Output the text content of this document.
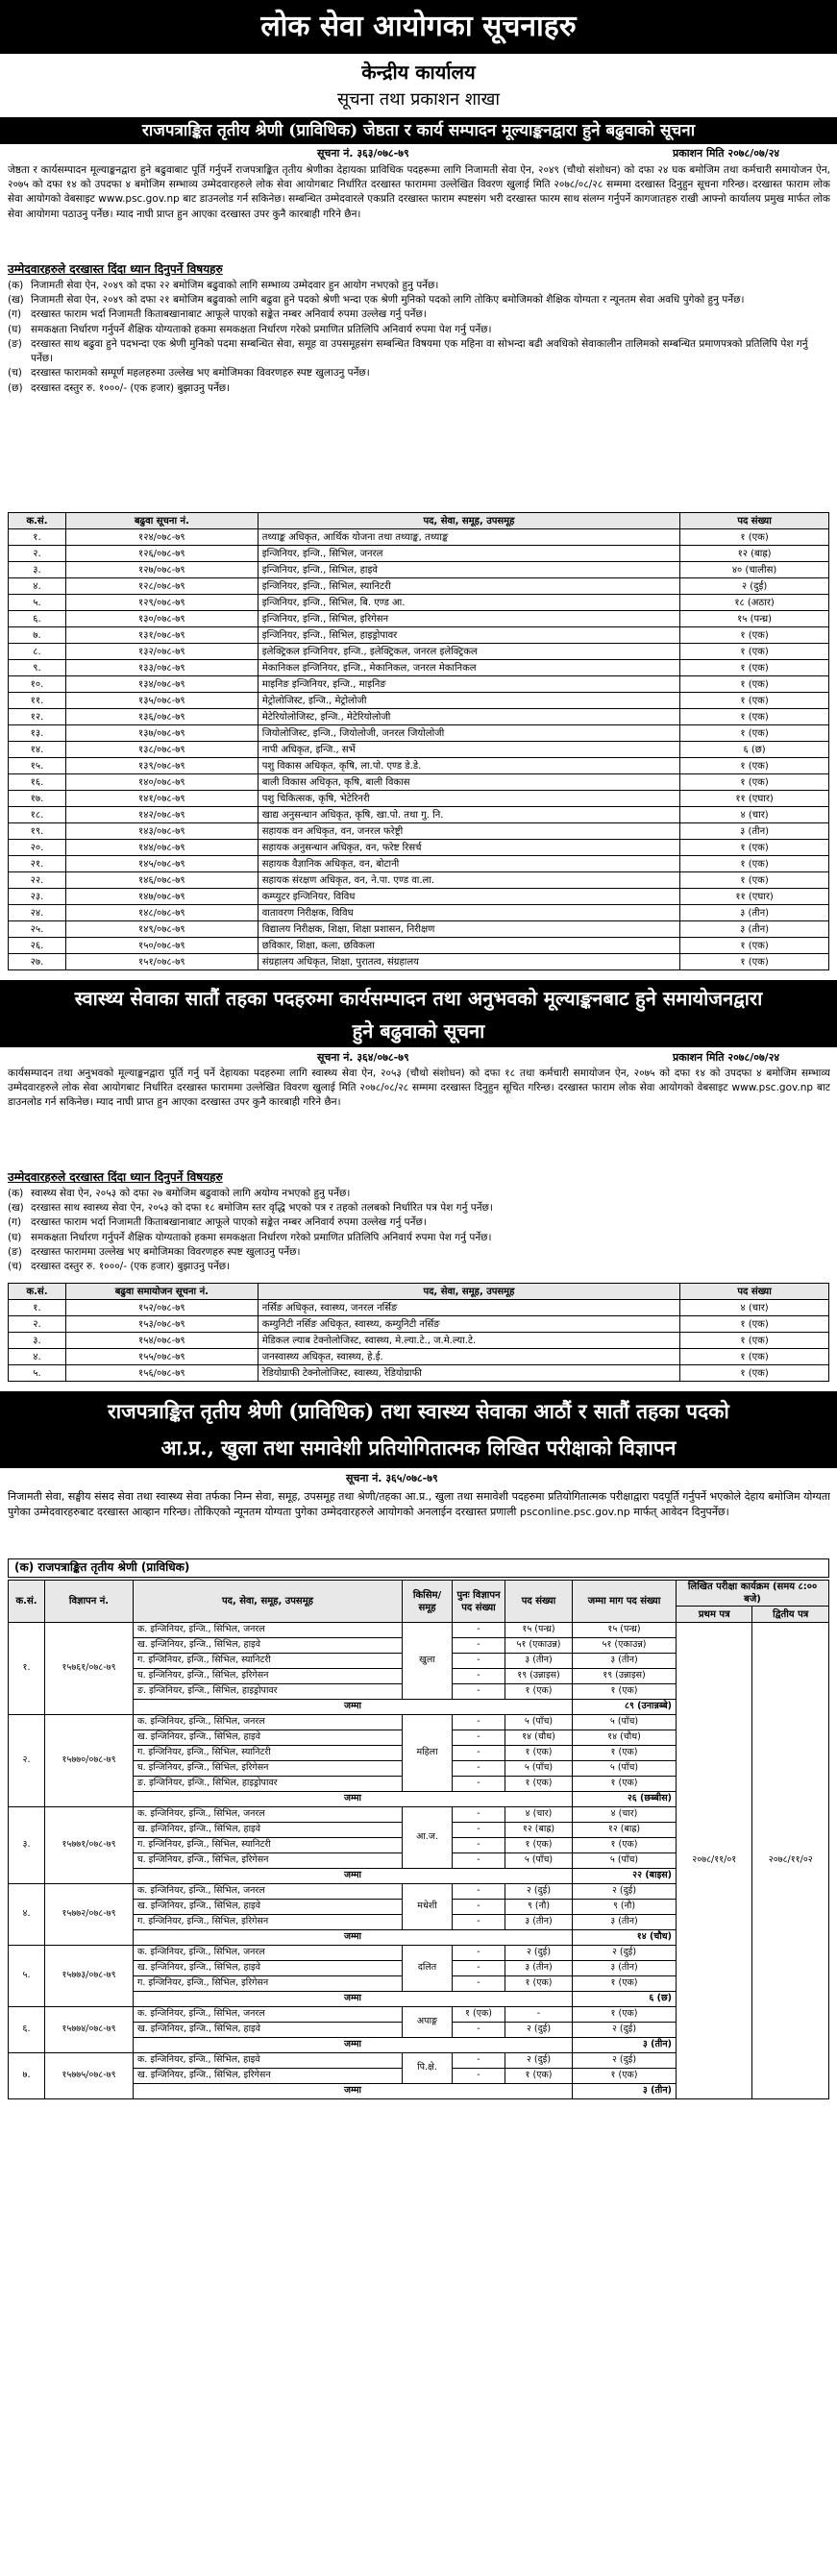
लोक सेवा आयोगका सूचनाहरु
केन्द्रीय कार्यालय
सूचना तथा प्रकाशन शाखा
राजपत्राङ्कित तृतीय श्रेणी (प्राविधिक) जेष्ठता र कार्य सम्पादन मूल्याङ्कनद्वारा हुने बढुवाको सूचना
सूचना नं. ३६३/०७८-७९	प्रकाशन मिति २०७८/०७/२४
जेष्ठता र कार्यसम्पादन मूल्याङ्कनद्वारा हुने बढुवाबाट पूर्ति गर्नुपर्ने राजपत्राङ्कित तृतीय श्रेणीका देहायका प्राविधिक पदहरूमा लागि निजामती सेवा ऐन, २०४९ (चौथो संशोधन) को दफा २४ घक बमोजिम तथा कर्मचारी समायोजन ऐन, २०७५ को दफा १४ को उपदफा ४ बमोजिम सम्भाव्य उम्मेदवारहरुले लोक सेवा आयोगबाट निर्धारित दरखास्त फाराममा उल्लेखित विवरण खुलाई मिति २०७८/०८/२८ सम्ममा दरखास्त दिनुहुन सूचना गरिन्छ। दरखास्त फाराम लोक सेवा आयोगको वेबसाइट www.psc.gov.np बाट डाउनलोड गर्न सकिनेछ। सम्बन्धित उम्मेदवारले एकप्रति दरखास्त फाराम स्पष्टसंग भरी दरखास्त फारम साथ संलग्न गर्नुपर्ने कागजातहरु राखी आफ्नो कार्यालय प्रमुख मार्फत लोक सेवा आयोगमा पठाउनु पर्नेछ। म्याद नाघी प्राप्त हुन आएका दरखास्त उपर कुनै कारबाही गरिने छैन।
उम्मेदवारहरुले दरखास्त दिंदा ध्यान दिनुपर्ने विषयहरु
(क) निजामती सेवा ऐन, २०४९ को दफा २२ बमोजिम बढुवाको लागि सम्भाव्य उम्मेदवार हुन आयोग नभएको हुनु पर्नेछ।
(ख) निजामती सेवा ऐन, २०४९ को दफा २१ बमोजिम बढुवाको लागि बढुवा हुने पदको श्रेणी भन्दा एक श्रेणी मुनिको पदको लागि तोकिए बमोजिमको शैक्षिक योग्यता र न्यूनतम सेवा अवधि पुगेको हुनु पर्नेछ।
(ग) दरखास्त फाराम भर्दा निजामती किताबखानाबाट आफूले पाएको सङ्केत नम्बर अनिवार्य रुपमा उल्लेख गर्नु पर्नेछ।
(घ) समकक्षता निर्धारण गर्नुपर्ने शैक्षिक योग्यताको हकमा समकक्षता निर्धारण गरेको प्रमाणित प्रतिलिपि अनिवार्य रुपमा पेश गर्नु पर्नेछ।
(ङ) दरखास्त साथ बढुवा हुने पदभन्दा एक श्रेणी मुनिको पदमा सम्बन्धित सेवा, समूह वा उपसमूहसंग सम्बन्धित विषयमा एक महिना वा सोभन्दा बढी अवधिको सेवाकालीन तालिमको सम्बन्धित प्रमाणपत्रको प्रतिलिपि पेश गर्नु पर्नेछ।
(च) दरखास्त फारामको सम्पूर्ण महलहरुमा उल्लेख भए बमोजिमका विवरणहरु स्पष्ट खुलाउनु पर्नेछ।
(छ) दरखास्त दस्तुर रु. १०००/- (एक हजार) बुझाउनु पर्नेछ।
क.सं.	बढुवा सूचना नं.	पद, सेवा, समूह, उपसमूह	पद संख्या
१.	१२४/०७८-७९	तथ्याङ्क अधिकृत, आर्थिक योजना तथा तथ्याङ्क, तथ्याङ्क	१ (एक)
२.	१२६/०७८-७९	इन्जिनियर, इन्जि., सिभिल, जनरल	१२ (बाह्र)
३.	१२७/०७८-७९	इन्जिनियर, इन्जि., सिभिल, हाइवे	४० (चालीस)
४.	१२८/०७८-७९	इन्जिनियर, इन्जि., सिभिल, स्यानिटरी	२ (दुई)
५.	१२९/०७८-७९	इन्जिनियर, इन्जि., सिभिल, बि. एण्ड आ.	१८ (अठार)
६.	१३०/०७८-७९	इन्जिनियर, इन्जि., सिभिल, इरिगेसन	१५ (पन्ध्र)
७.	१३१/०७८-७९	इन्जिनियर, इन्जि., सिभिल, हाइड्रोपावर	१ (एक)
८.	१३२/०७८-७९	इलेक्ट्रिकल इन्जिनियर, इन्जि., इलेक्ट्रिकल, जनरल इलेक्ट्रिकल	१ (एक)
९.	१३३/०७८-७९	मेकानिकल इन्जिनियर, इन्जि., मेकानिकल, जनरल मेकानिकल	१ (एक)
१०.	१३४/०७८-७९	माइनिङ इन्जिनियर, इन्जि., माइनिङ	१ (एक)
११.	१३५/०७८-७९	मेट्रोलोजिस्ट, इन्जि., मेट्रोलोजी	१ (एक)
१२.	१३६/०७८-७९	मेटेरियोलोजिस्ट, इन्जि., मेटेरियोलोजी	१ (एक)
१३.	१३७/०७८-७९	जियोलोजिस्ट, इन्जि., जियोलोजी, जनरल जियोलोजी	१ (एक)
१४.	१३८/०७८-७९	नापी अधिकृत, इन्जि., सर्भे	६ (छ)
१५.	१३९/०७८-७९	पशु विकास अधिकृत, कृषि, ला.पो. एण्ड डे.डे.	१ (एक)
१६.	१४०/०७८-७९	बाली विकास अधिकृत, कृषि, बाली विकास	१ (एक)
१७.	१४१/०७८-७९	पशु चिकित्सक, कृषि, भेटेरिनरी	११ (एघार)
१८.	१४२/०७८-७९	खाद्य अनुसन्धान अधिकृत, कृषि, खा.पो. तथा गु. नि.	४ (चार)
१९.	१४३/०७८-७९	सहायक वन अधिकृत, वन, जनरल फरेष्ट्री	३ (तीन)
२०.	१४४/०७८-७९	सहायक अनुसन्धान अधिकृत, वन, फरेष्ट रिसर्च	१ (एक)
२१.	१४५/०७८-७९	सहायक वैज्ञानिक अधिकृत, वन, बोटानी	१ (एक)
२२.	१४६/०७८-७९	सहायक संरक्षण अधिकृत, वन, ने.पा. एण्ड वा.ला.	१ (एक)
२३.	१४७/०७८-७९	कम्प्युटर इन्जिनियर, विविध	११ (एघार)
२४.	१४८/०७८-७९	वातावरण निरीक्षक, विविध	३ (तीन)
२५.	१४९/०७८-७९	विद्यालय निरीक्षक, शिक्षा, शिक्षा प्रशासन, निरीक्षण	३ (तीन)
२६.	१५०/०७८-७९	छविकार, शिक्षा, कला, छविकला	१ (एक)
२७.	१५१/०७८-७९	संग्रहालय अधिकृत, शिक्षा, पुरातत्व, संग्रहालय	१ (एक)
स्वास्थ्य सेवाका सातौं तहका पदहरुमा कार्यसम्पादन तथा अनुभवको मूल्याङ्कनबाट हुने समायोजनद्वारा
हुने बढुवाको सूचना
सूचना नं. ३६४/०७८-७९	प्रकाशन मिति २०७८/०७/२४
कार्यसम्पादन तथा अनुभवको मूल्याङ्कनद्वारा पूर्ति गर्नु पर्ने देहायका पदहरुमा लागि स्वास्थ्य सेवा ऐन, २०५३ (चौथो संशोधन) को दफा १८ तथा कर्मचारी समायोजन ऐन, २०७५ को दफा १४ को उपदफा ४ बमोजिम सम्भाव्य उम्मेदवारहरुले लोक सेवा आयोगबाट निर्धारित दरखास्त फाराममा उल्लेखित विवरण खुलाई मिति २०७८/०८/२८ सम्ममा दरखास्त दिनुहुन सूचित गरिन्छ। दरखास्त फाराम लोक सेवा आयोगको वेबसाइट www.psc.gov.np बाट डाउनलोड गर्न सकिनेछ। म्याद नाघी प्राप्त हुन आएका दरखास्त उपर कुनै कारबाही गरिने छैन।
उम्मेदवारहरुले दरखास्त दिंदा ध्यान दिनुपर्ने विषयहरु
(क) स्वास्थ्य सेवा ऐन, २०५३ को दफा २७ बमोजिम बढुवाको लागि अयोग्य नभएको हुनु पर्नेछ।
(ख) दरखास्त साथ स्वास्थ्य सेवा ऐन, २०५३ को दफा १८ बमोजिम स्तर वृद्धि भएको पत्र र तहको तलबको निर्धारित पत्र पेश गर्नु पर्नेछ।
(ग) दरखास्त फाराम भर्दा निजामती किताबखानाबाट आफूले पाएको सङ्केत नम्बर अनिवार्य रुपमा उल्लेख गर्नु पर्नेछ।
(घ) समकक्षता निर्धारण गर्नुपर्ने शैक्षिक योग्यताको हकमा समकक्षता निर्धारण गरेको प्रमाणित प्रतिलिपि अनिवार्य रुपमा पेश गर्नु पर्नेछ।
(ङ) दरखास्त फाराममा उल्लेख भए बमोजिमका विवरणहरु स्पष्ट खुलाउनु पर्नेछ।
(च) दरखास्त दस्तुर रु. १०००/- (एक हजार) बुझाउनु पर्नेछ।
क.सं.	बढुवा समायोजन सूचना नं.	पद, सेवा, समूह, उपसमूह	पद संख्या
१.	१५२/०७८-७९	नर्सिङ अधिकृत, स्वास्थ्य, जनरल नर्सिङ	४ (चार)
२.	१५३/०७८-७९	कम्युनिटी नर्सिङ अधिकृत, स्वास्थ्य, कम्युनिटी नर्सिङ	१ (एक)
३.	१५४/०७८-७९	मेडिकल ल्याब टेक्नोलोजिस्ट, स्वास्थ्य, मे.ल्या.टे., ज.मे.ल्या.टे.	१ (एक)
४.	१५५/०७८-७९	जनस्वास्थ्य अधिकृत, स्वास्थ्य, हे.ई.	१ (एक)
५.	१५६/०७८-७९	रेडियोग्राफी टेक्नोलोजिस्ट, स्वास्थ्य, रेडियोग्राफी	१ (एक)
राजपत्राङ्कित तृतीय श्रेणी (प्राविधिक) तथा स्वास्थ्य सेवाका आठौं र सातौं तहका पदको
आ.प्र., खुला तथा समावेशी प्रतियोगितात्मक लिखित परीक्षाको विज्ञापन
सूचना नं. ३६५/०७८-७९
निजामती सेवा, सङ्घीय संसद सेवा तथा स्वास्थ्य सेवा तर्फका निम्न सेवा, समूह, उपसमूह तथा श्रेणी/तहका आ.प्र., खुला तथा समावेशी पदहरुमा प्रतियोगितात्मक परीक्षाद्वारा पदपूर्ति गर्नुपर्ने भएकोले देहाय बमोजिम योग्यता पुगेका उम्मेदवारहरुबाट दरखास्त आव्हान गरिन्छ। तोकिएको न्यूनतम योग्यता पुगेका उम्मेदवारहरुले आयोगको अनलाईन दरखास्त प्रणाली psconline.psc.gov.np मार्फत् आवेदन दिनुपर्नेछ।
(क) राजपत्राङ्कित तृतीय श्रेणी (प्राविधिक)
क.सं.	विज्ञापन नं.	पद, सेवा, समूह, उपसमूह	किसिम/ समूह	पुनः विज्ञापन पद संख्या	पद संख्या	जम्मा माग पद संख्या	लिखित परीक्षा कार्यक्रम (समय ८:०० बजे)	
							प्रथम पत्र	द्वितीय पत्र
१.	१५७६१/०७८-७९	क. इन्जिनियर, इन्जि., सिभिल, जनरल	खुला	-	१५ (पन्ध्र)	१५ (पन्ध्र)	२०७८/११/०१	२०७८/११/०२
		ख. इन्जिनियर, इन्जि., सिभिल, हाइवे		-	५१ (एकाउन्न)	५१ (एकाउन्न)		
		ग. इन्जिनियर, इन्जि., सिभिल, स्यानिटरी		-	३ (तीन)	३ (तीन)		
		घ. इन्जिनियर, इन्जि., सिभिल, इरिगेसन		-	१९ (उन्नाइस)	१९ (उन्नाइस)		
		ङ. इन्जिनियर, इन्जि., सिभिल, हाइड्रोपावर		-	१ (एक)	१ (एक)		
		जम्मा				८९ (उनान्नब्बे)		
२.	१५७७०/०७८-७९	क. इन्जिनियर, इन्जि., सिभिल, जनरल	महिला	-	५ (पाँच)	५ (पाँच)		
		ख. इन्जिनियर, इन्जि., सिभिल, हाइवे		-	१४ (चौध)	१४ (चौध)		
		ग. इन्जिनियर, इन्जि., सिभिल, स्यानिटरी		-	१ (एक)	१ (एक)		
		घ. इन्जिनियर, इन्जि., सिभिल, इरिगेसन		-	५ (पाँच)	५ (पाँच)		
		ङ. इन्जिनियर, इन्जि., सिभिल, हाइड्रोपावर		-	१ (एक)	१ (एक)		
		जम्मा				२६ (छब्बीस)		
३.	१५७७१/०७८-७९	क. इन्जिनियर, इन्जि., सिभिल, जनरल	आ.ज.	-	४ (चार)	४ (चार)		
		ख. इन्जिनियर, इन्जि., सिभिल, हाइवे		-	१२ (बाह्र)	१२ (बाह्र)		
		ग. इन्जिनियर, इन्जि., सिभिल, स्यानिटरी		-	१ (एक)	१ (एक)		
		घ. इन्जिनियर, इन्जि., सिभिल, इरिगेसन		-	५ (पाँच)	५ (पाँच)		
		जम्मा				२२ (बाइस)		
४.	१५७७२/०७८-७९	क. इन्जिनियर, इन्जि., सिभिल, जनरल	मधेशी	-	२ (दुई)	२ (दुई)		
		ख. इन्जिनियर, इन्जि., सिभिल, हाइवे		-	९ (नौ)	९ (नौ)		
		ग. इन्जिनियर, इन्जि., सिभिल, इरिगेसन		-	३ (तीन)	३ (तीन)		
		जम्मा				१४ (चौध)		
५.	१५७७३/०७८-७९	क. इन्जिनियर, इन्जि., सिभिल, जनरल	दलित	-	२ (दुई)	२ (दुई)		
		ख. इन्जिनियर, इन्जि., सिभिल, हाइवे		-	३ (तीन)	३ (तीन)		
		ग. इन्जिनियर, इन्जि., सिभिल, इरिगेसन		-	१ (एक)	१ (एक)		
		जम्मा				६ (छ)		
६.	१५७७४/०७८-७९	क. इन्जिनियर, इन्जि., सिभिल, जनरल	अपाङ्ग	१ (एक)	-	१ (एक)		
		ख. इन्जिनियर, इन्जि., सिभिल, हाइवे		-	२ (दुई)	२ (दुई)		
		जम्मा				३ (तीन)		
७.	१५७७५/०७८-७९	क. इन्जिनियर, इन्जि., सिभिल, हाइवे	पि.क्षे.	-	२ (दुई)	२ (दुई)		
		ख. इन्जिनियर, इन्जि., सिभिल, इरिगेसन		-	१ (एक)	१ (एक)		
		जम्मा				३ (तीन)		
